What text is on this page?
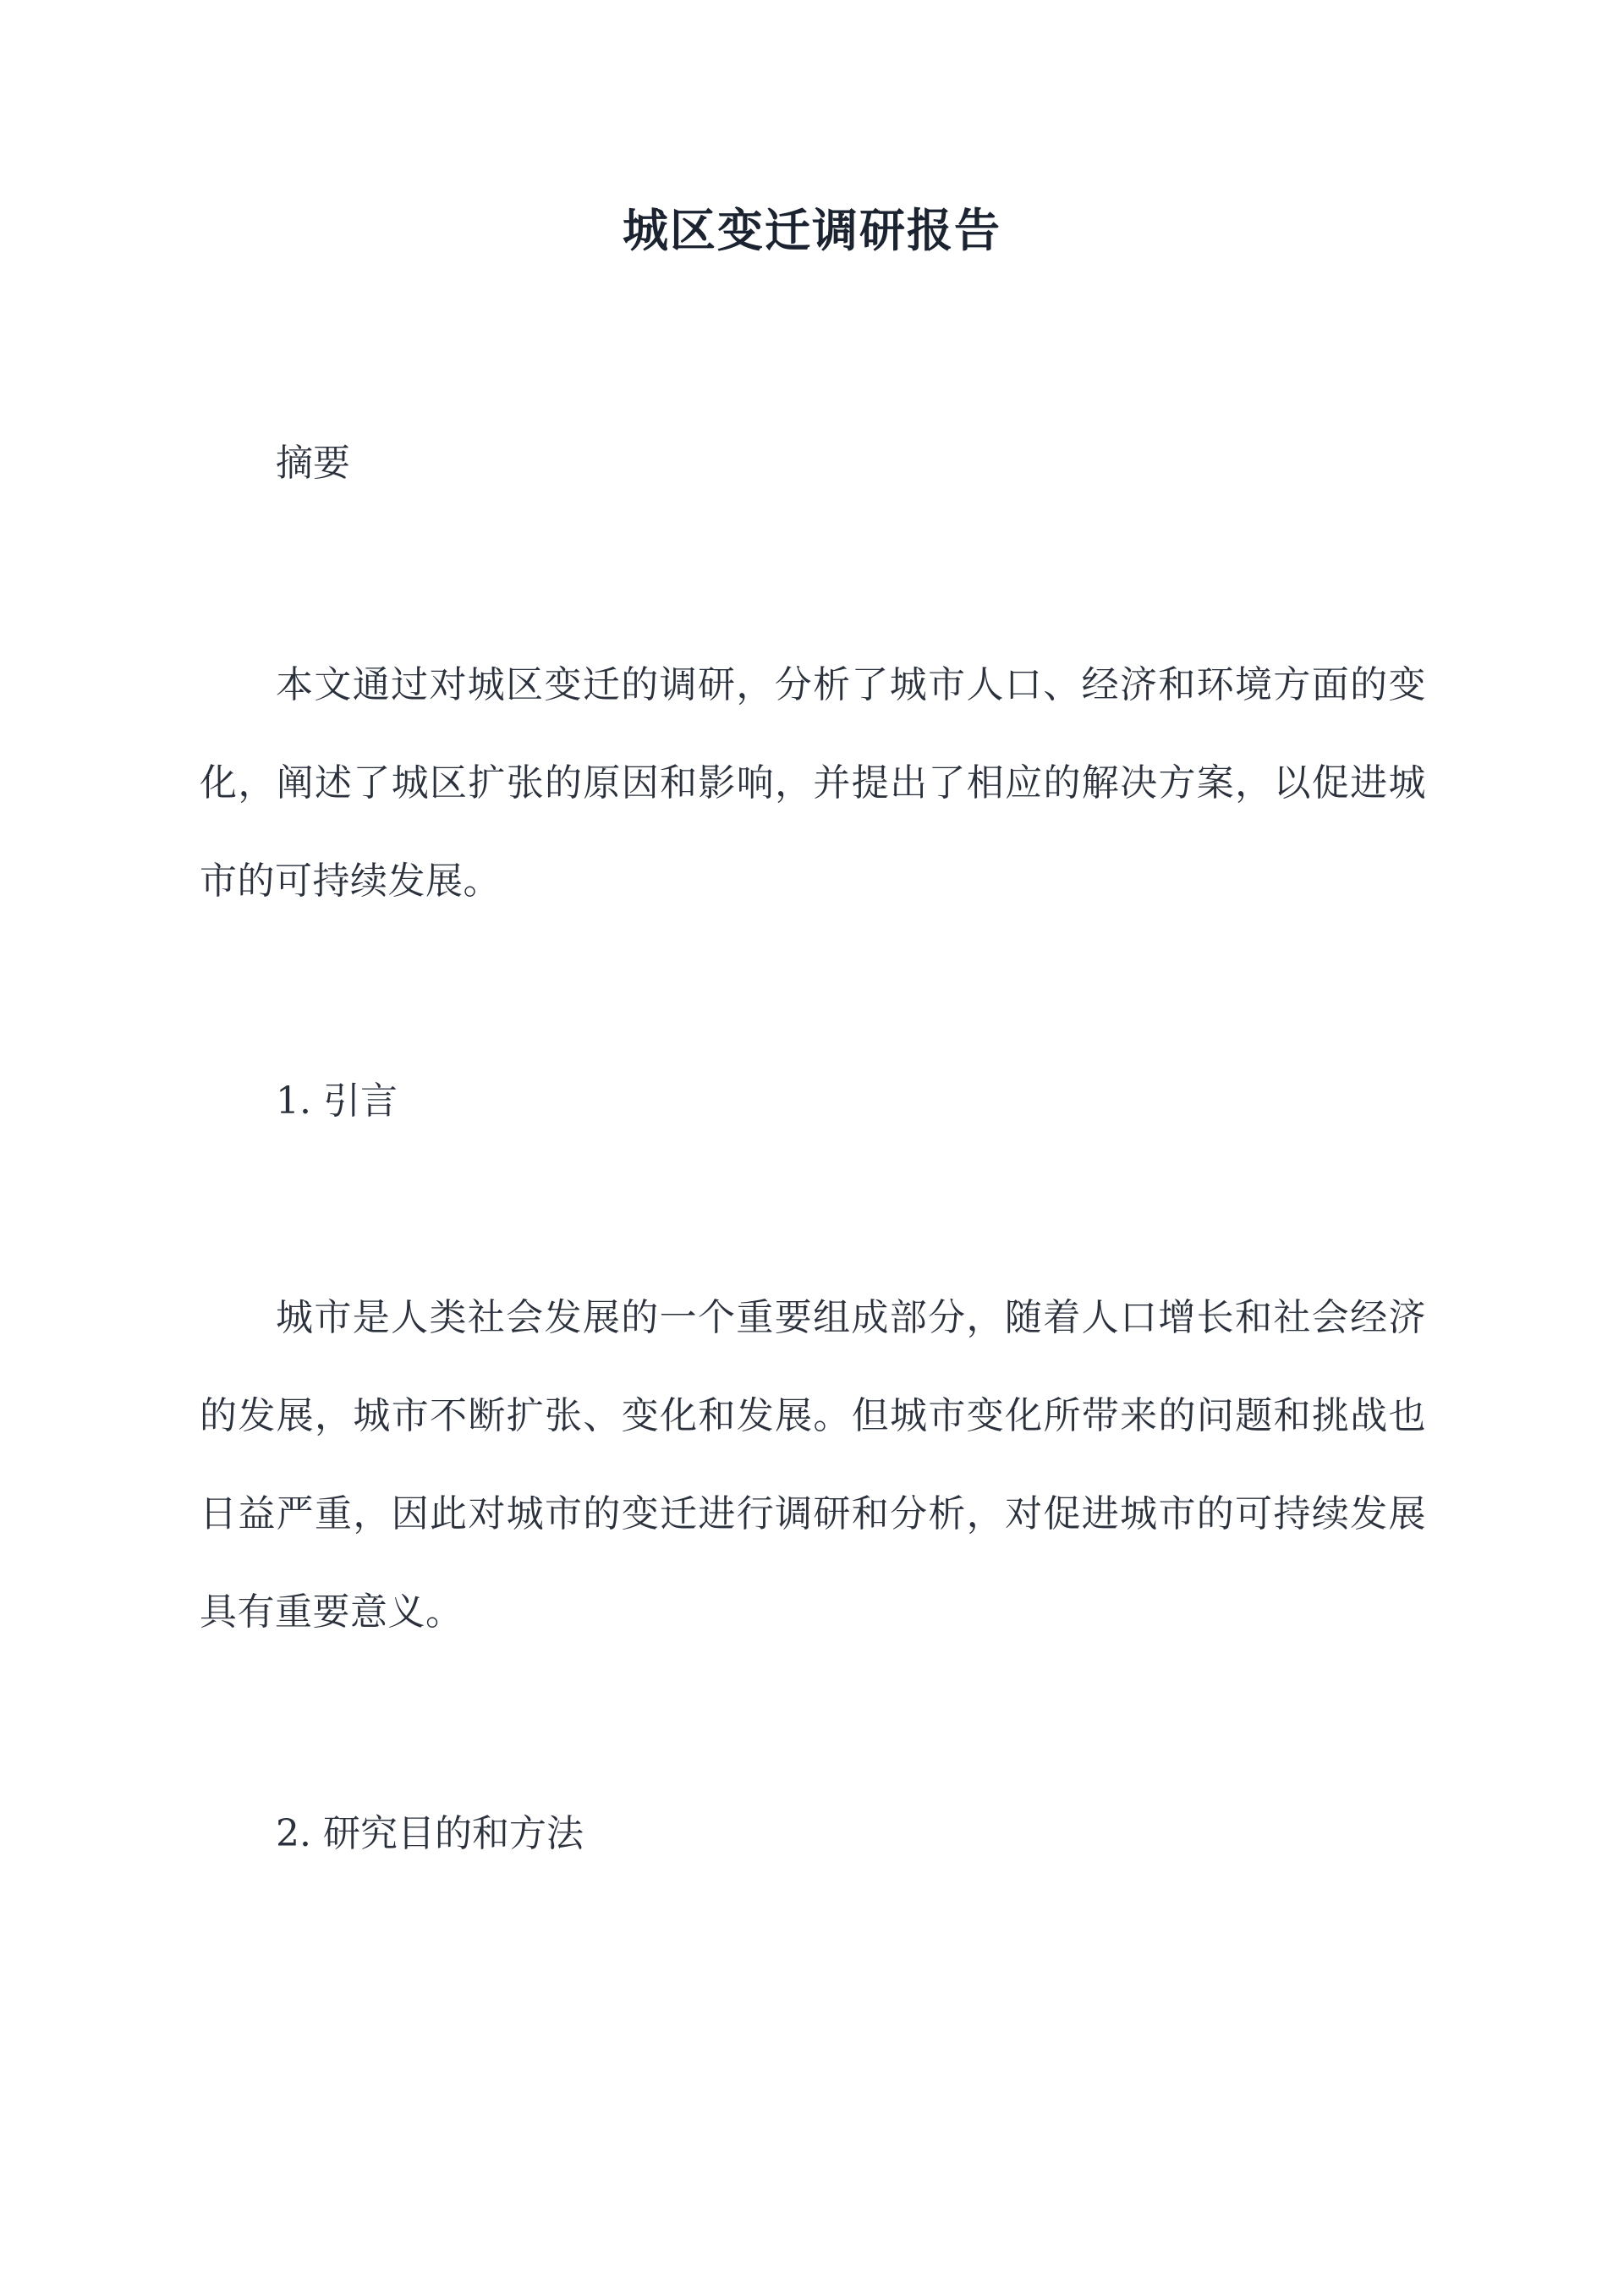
城区变迁调研报告
摘要
本文通过对城区变迁的调研，分析了城市人口、经济和环境方面的变化，阐述了城区扩张的原因和影响，并提出了相应的解决方案，以促进城市的可持续发展。
1. 引言
城市是人类社会发展的一个重要组成部分，随着人口增长和社会经济的发展，城市不断扩张、变化和发展。但城市变化所带来的问题和挑战也日益严重，因此对城市的变迁进行调研和分析，对促进城市的可持续发展具有重要意义。
2. 研究目的和方法
